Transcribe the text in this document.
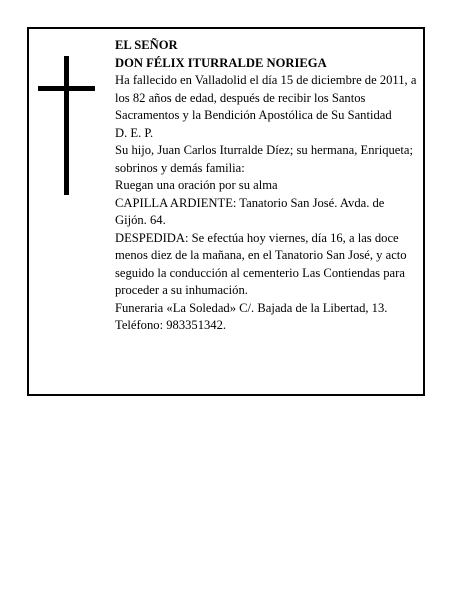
EL SEÑOR

DON FÉLIX ITURRALDE NORIEGA

Ha fallecido en Valladolid el día 15 de diciembre de 2011, a los 82 años de edad, después de recibir los Santos Sacramentos y la Bendición Apostólica de Su Santidad

D. E. P.

Su hijo, Juan Carlos Iturralde Díez; su hermana, Enriqueta; sobrinos y demás familia:

Ruegan una oración por su alma

CAPILLA ARDIENTE: Tanatorio San José. Avda. de Gijón. 64.

DESPEDIDA: Se efectúa hoy viernes, día 16, a las doce menos diez de la mañana, en el Tanatorio San José, y acto seguido la conducción al cementerio Las Contiendas para proceder a su inhumación.

Funeraria «La Soledad» C/. Bajada de la Libertad, 13. Teléfono: 983351342.
